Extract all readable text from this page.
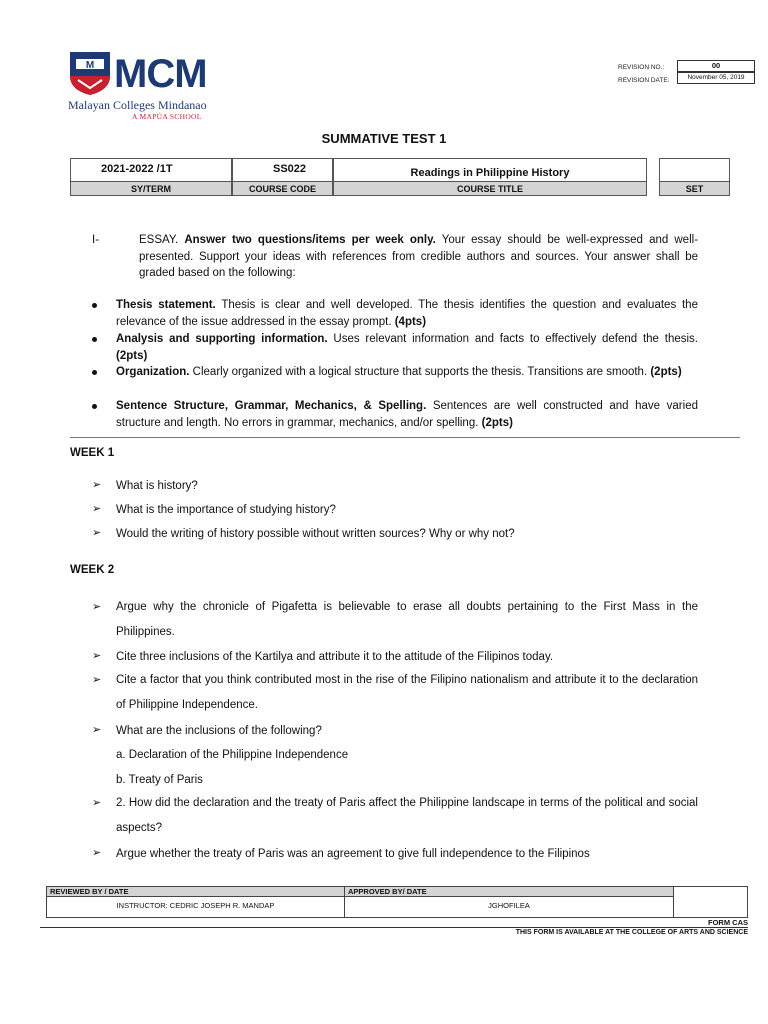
M MCM
Malayan Colleges Mindanao
A MAPÚA SCHOOL
REVISION NO.:	00
REVISION DATE:	November 05, 2019
SUMMATIVE TEST 1
2021-2022 /1T	SS022	Readings in Philippine History
SY/TERM	COURSE CODE	COURSE TITLE	SET
I-	ESSAY. Answer two questions/items per week only. Your essay should be well-expressed and well-presented. Support your ideas with references from credible authors and sources. Your answer shall be graded based on the following:
Thesis statement. Thesis is clear and well developed. The thesis identifies the question and evaluates the relevance of the issue addressed in the essay prompt. (4pts)
Analysis and supporting information. Uses relevant information and facts to effectively defend the thesis. (2pts)
Organization. Clearly organized with a logical structure that supports the thesis. Transitions are smooth. (2pts)
Sentence Structure, Grammar, Mechanics, & Spelling. Sentences are well constructed and have varied structure and length. No errors in grammar, mechanics, and/or spelling. (2pts)
WEEK 1
➢ What is history?
➢ What is the importance of studying history?
➢ Would the writing of history possible without written sources? Why or why not?
WEEK 2
➢ Argue why the chronicle of Pigafetta is believable to erase all doubts pertaining to the First Mass in the Philippines.
➢ Cite three inclusions of the Kartilya and attribute it to the attitude of the Filipinos today.
➢ Cite a factor that you think contributed most in the rise of the Filipino nationalism and attribute it to the declaration of Philippine Independence.
➢ What are the inclusions of the following?
a. Declaration of the Philippine Independence
b. Treaty of Paris
➢ 2. How did the declaration and the treaty of Paris affect the Philippine landscape in terms of the political and social aspects?
➢ Argue whether the treaty of Paris was an agreement to give full independence to the Filipinos
REVIEWED BY / DATE	APPROVED BY/ DATE
INSTRUCTOR: CEDRIC JOSEPH R. MANDAP	JGHOFILEA
FORM CAS
THIS FORM IS AVAILABLE AT THE COLLEGE OF ARTS AND SCIENCE
